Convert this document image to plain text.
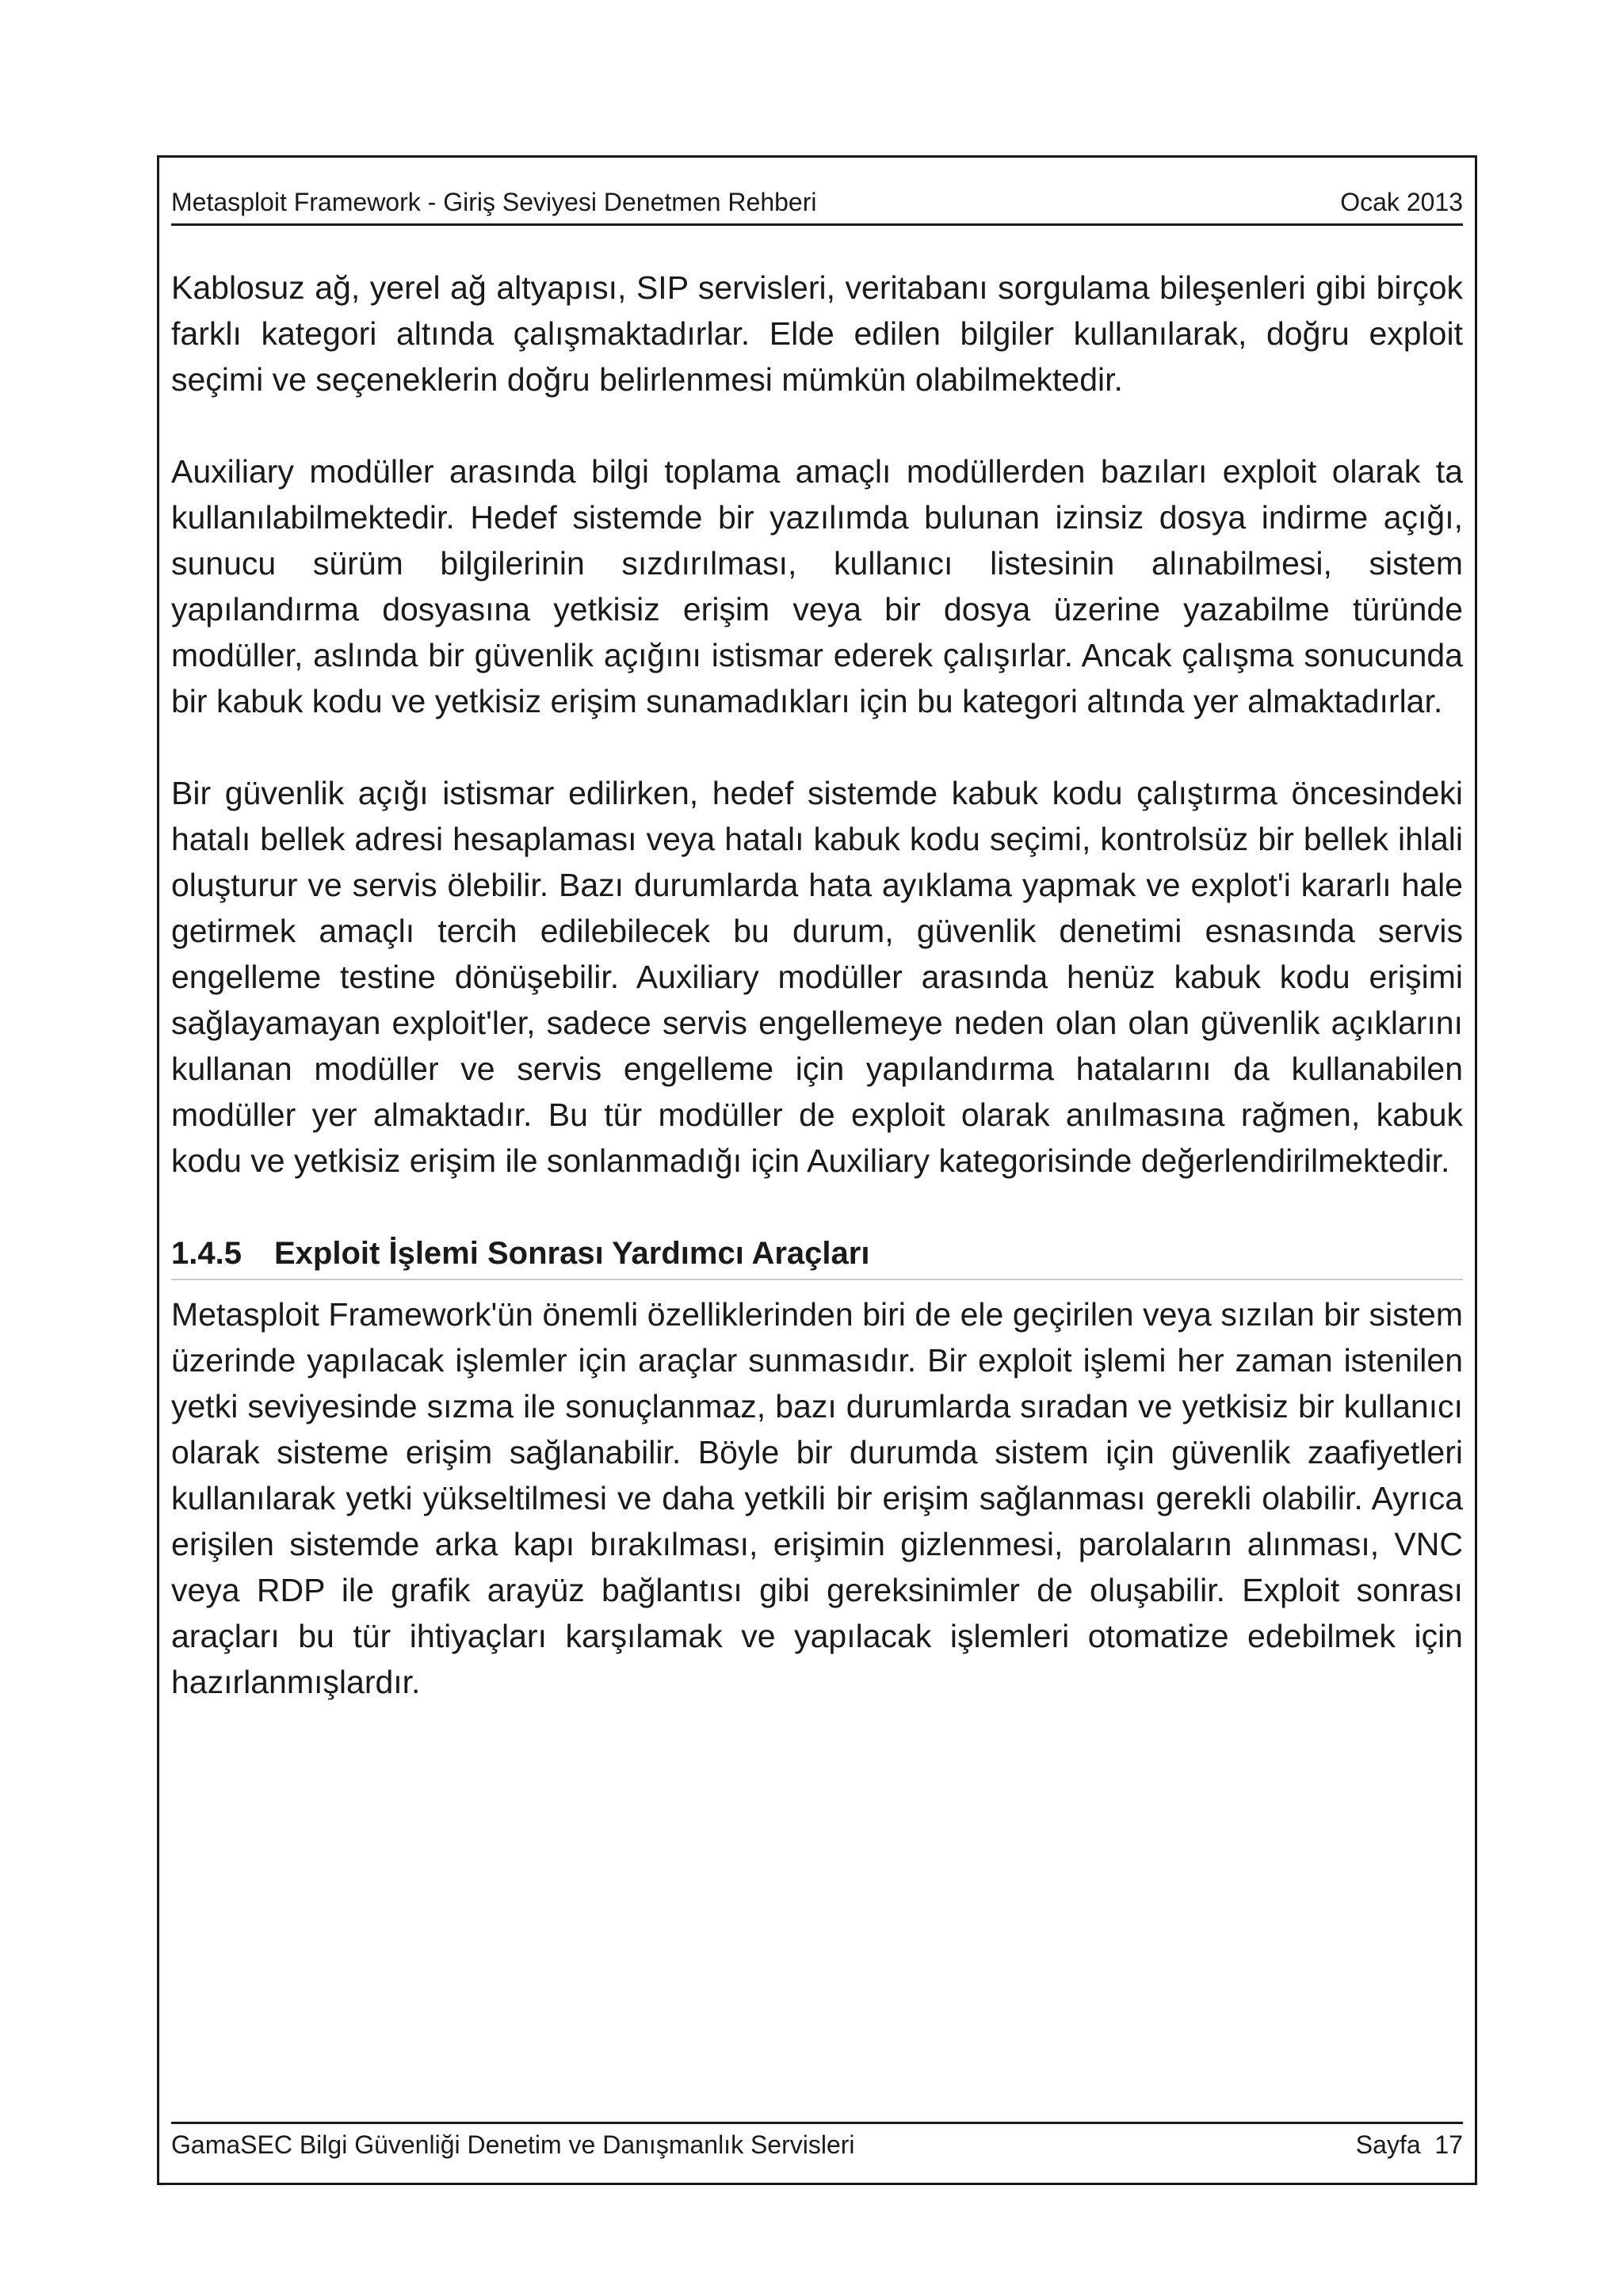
Metasploit Framework - Giriş Seviyesi Denetmen Rehberi	Ocak 2013

Kablosuz ağ, yerel ağ altyapısı, SIP servisleri, veritabanı sorgulama bileşenleri gibi birçok farklı kategori altında çalışmaktadırlar. Elde edilen bilgiler kullanılarak, doğru exploit seçimi ve seçeneklerin doğru belirlenmesi mümkün olabilmektedir.

Auxiliary modüller arasında bilgi toplama amaçlı modüllerden bazıları exploit olarak ta kullanılabilmektedir. Hedef sistemde bir yazılımda bulunan izinsiz dosya indirme açığı, sunucu sürüm bilgilerinin sızdırılması, kullanıcı listesinin alınabilmesi, sistem yapılandırma dosyasına yetkisiz erişim veya bir dosya üzerine yazabilme türünde modüller, aslında bir güvenlik açığını istismar ederek çalışırlar. Ancak çalışma sonucunda bir kabuk kodu ve yetkisiz erişim sunamadıkları için bu kategori altında yer almaktadırlar.

Bir güvenlik açığı istismar edilirken, hedef sistemde kabuk kodu çalıştırma öncesindeki hatalı bellek adresi hesaplaması veya hatalı kabuk kodu seçimi, kontrolsüz bir bellek ihlali oluşturur ve servis ölebilir. Bazı durumlarda hata ayıklama yapmak ve explot'i kararlı hale getirmek amaçlı tercih edilebilecek bu durum, güvenlik denetimi esnasında servis engelleme testine dönüşebilir. Auxiliary modüller arasında henüz kabuk kodu erişimi sağlayamayan exploit'ler, sadece servis engellemeye neden olan olan güvenlik açıklarını kullanan modüller ve servis engelleme için yapılandırma hatalarını da kullanabilen modüller yer almaktadır. Bu tür modüller de exploit olarak anılmasına rağmen, kabuk kodu ve yetkisiz erişim ile sonlanmadığı için Auxiliary kategorisinde değerlendirilmektedir.

1.4.5 Exploit İşlemi Sonrası Yardımcı Araçları

Metasploit Framework'ün önemli özelliklerinden biri de ele geçirilen veya sızılan bir sistem üzerinde yapılacak işlemler için araçlar sunmasıdır. Bir exploit işlemi her zaman istenilen yetki seviyesinde sızma ile sonuçlanmaz, bazı durumlarda sıradan ve yetkisiz bir kullanıcı olarak sisteme erişim sağlanabilir. Böyle bir durumda sistem için güvenlik zaafiyetleri kullanılarak yetki yükseltilmesi ve daha yetkili bir erişim sağlanması gerekli olabilir. Ayrıca erişilen sistemde arka kapı bırakılması, erişimin gizlenmesi, parolaların alınması, VNC veya RDP ile grafik arayüz bağlantısı gibi gereksinimler de oluşabilir. Exploit sonrası araçları bu tür ihtiyaçları karşılamak ve yapılacak işlemleri otomatize edebilmek için hazırlanmışlardır.

GamaSEC Bilgi Güvenliği Denetim ve Danışmanlık Servisleri	Sayfa  17
